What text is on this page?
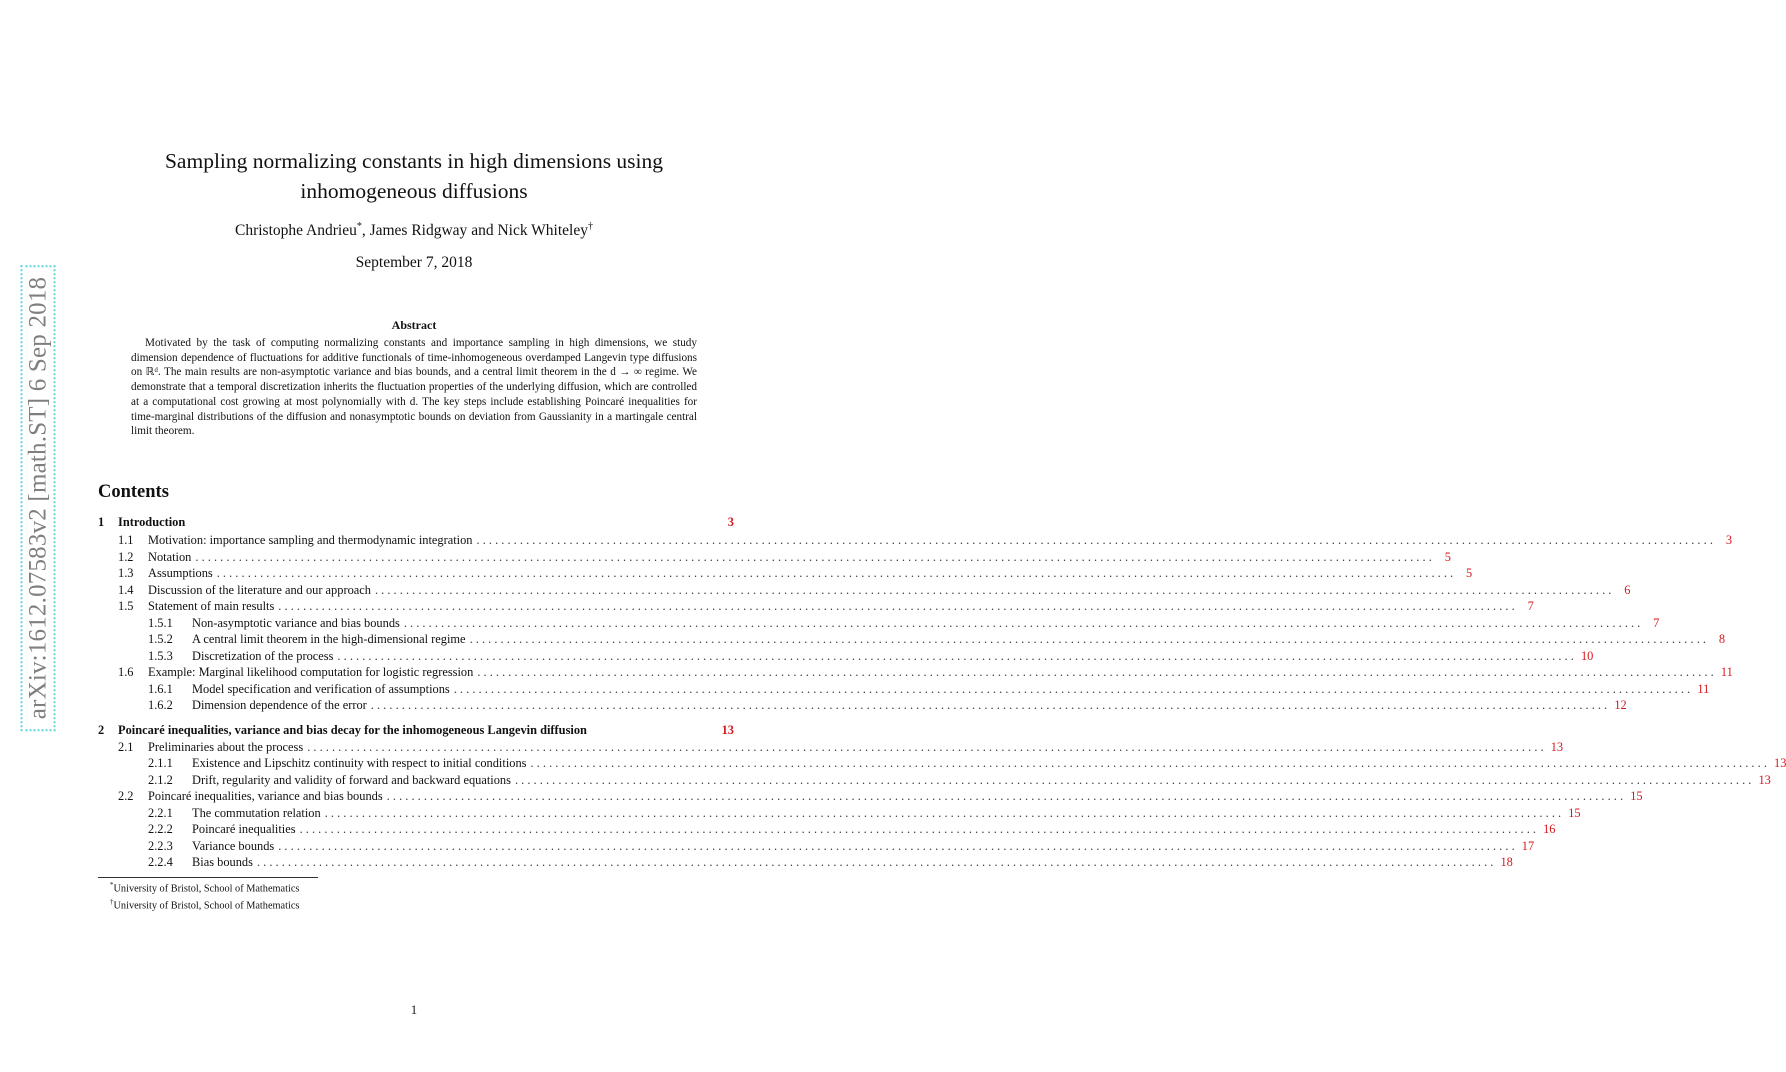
arXiv:1612.07583v2 [math.ST] 6 Sep 2018
Sampling normalizing constants in high dimensions using inhomogeneous diffusions
Christophe Andrieu*, James Ridgway and Nick Whiteley†
September 7, 2018
Abstract
Motivated by the task of computing normalizing constants and importance sampling in high dimensions, we study dimension dependence of fluctuations for additive functionals of time-inhomogeneous overdamped Langevin type diffusions on ℝᵈ. The main results are non-asymptotic variance and bias bounds, and a central limit theorem in the d → ∞ regime. We demonstrate that a temporal discretization inherits the fluctuation properties of the underlying diffusion, which are controlled at a computational cost growing at most polynomially with d. The key steps include establishing Poincaré inequalities for time-marginal distributions of the diffusion and nonasymptotic bounds on deviation from Gaussianity in a martingale central limit theorem.
Contents
1	Introduction	3
1.1	Motivation: importance sampling and thermodynamic integration ........................................................................................................................................................................................................ 3
1.2	Notation ........................................................................................................................................................................................................ 5
1.3	Assumptions ........................................................................................................................................................................................................ 5
1.4	Discussion of the literature and our approach ........................................................................................................................................................................................................ 6
1.5	Statement of main results ........................................................................................................................................................................................................ 7
1.5.1	Non-asymptotic variance and bias bounds ........................................................................................................................................................................................................ 7
1.5.2	A central limit theorem in the high-dimensional regime ........................................................................................................................................................................................................ 8
1.5.3	Discretization of the process ........................................................................................................................................................................................................ 10
1.6	Example: Marginal likelihood computation for logistic regression ........................................................................................................................................................................................................ 11
1.6.1	Model specification and verification of assumptions ........................................................................................................................................................................................................ 11
1.6.2	Dimension dependence of the error ........................................................................................................................................................................................................ 12
2	Poincaré inequalities, variance and bias decay for the inhomogeneous Langevin diffusion	13
2.1	Preliminaries about the process ........................................................................................................................................................................................................ 13
2.1.1	Existence and Lipschitz continuity with respect to initial conditions ........................................................................................................................................................................................................ 13
2.1.2	Drift, regularity and validity of forward and backward equations ........................................................................................................................................................................................................ 13
2.2	Poincaré inequalities, variance and bias bounds ........................................................................................................................................................................................................ 15
2.2.1	The commutation relation ........................................................................................................................................................................................................ 15
2.2.2	Poincaré inequalities ........................................................................................................................................................................................................ 16
2.2.3	Variance bounds ........................................................................................................................................................................................................ 17
2.2.4	Bias bounds ........................................................................................................................................................................................................ 18
*University of Bristol, School of Mathematics
†University of Bristol, School of Mathematics
1
